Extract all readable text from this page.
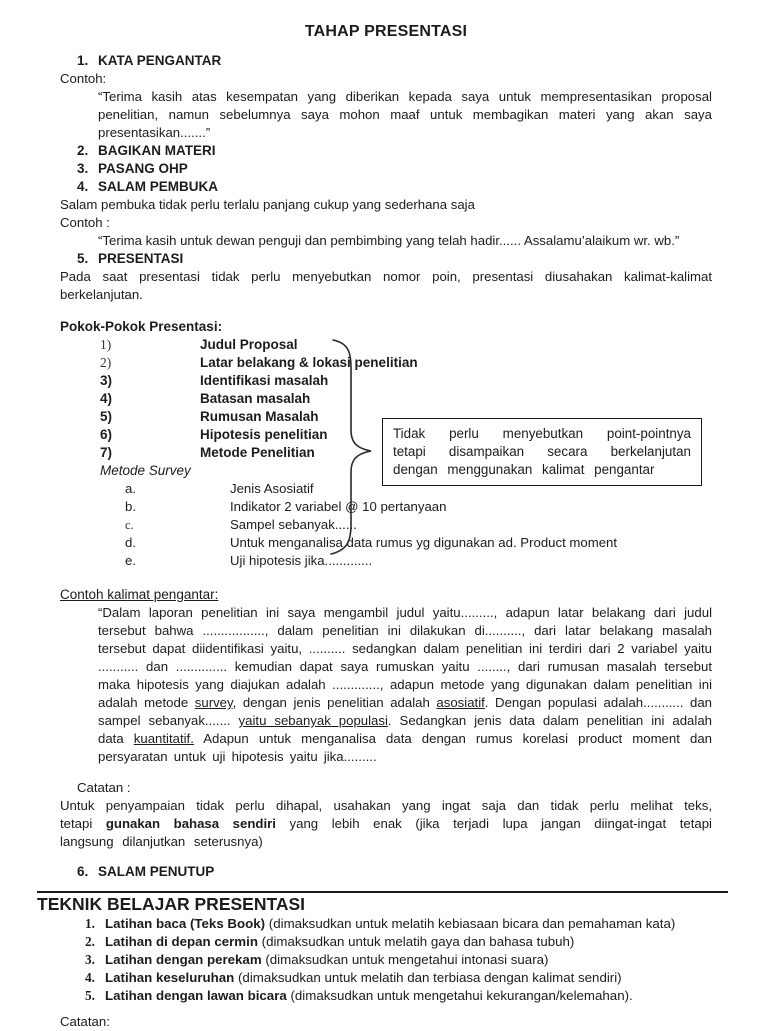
TAHAP PRESENTASI
1. KATA PENGANTAR
Contoh:
“Terima kasih atas kesempatan yang diberikan kepada saya untuk mempresentasikan proposal penelitian, namun sebelumnya saya mohon maaf untuk membagikan materi yang akan saya presentasikan.......”
2. BAGIKAN MATERI
3. PASANG OHP
4. SALAM PEMBUKA
Salam pembuka tidak perlu terlalu panjang cukup yang sederhana saja
Contoh :
“Terima kasih untuk dewan penguji dan pembimbing yang telah hadir...... Assalamu’alaikum wr. wb.”
5. PRESENTASI
Pada saat presentasi tidak perlu menyebutkan nomor poin, presentasi diusahakan kalimat-kalimat berkelanjutan.
Pokok-Pokok Presentasi:
1)	Judul Proposal
2)	Latar belakang & lokasi penelitian
3)	Identifikasi masalah
4)	Batasan masalah
5)	Rumusan Masalah
6)	Hipotesis penelitian
7)	Metode Penelitian
Metode Survey
a.	Jenis Asosiatif
b.	Indikator 2 variabel @ 10 pertanyaan
c.	Sampel sebanyak......
d.	Untuk menganalisa data rumus yg digunakan ad. Product moment
e.	Uji hipotesis jika.............
Tidak perlu menyebutkan point-pointnya tetapi disampaikan secara berkelanjutan dengan menggunakan kalimat pengantar
Contoh kalimat pengantar:
“Dalam laporan penelitian ini saya mengambil judul yaitu........., adapun latar belakang dari judul tersebut bahwa ................., dalam penelitian ini dilakukan di.........., dari latar belakang masalah tersebut dapat diidentifikasi yaitu, .......... sedangkan dalam penelitian ini terdiri dari 2 variabel yaitu ........... dan .............. kemudian dapat saya rumuskan yaitu ........, dari rumusan masalah tersebut maka hipotesis yang diajukan adalah ............., adapun metode yang digunakan dalam penelitian ini adalah metode survey, dengan jenis penelitian adalah asosiatif. Dengan populasi adalah........... dan sampel sebanyak....... yaitu sebanyak populasi. Sedangkan jenis data dalam penelitian ini adalah data kuantitatif. Adapun untuk menganalisa data dengan rumus korelasi product moment dan persyaratan untuk uji hipotesis yaitu jika.........
Catatan :
Untuk penyampaian tidak perlu dihapal, usahakan yang ingat saja dan tidak perlu melihat teks, tetapi gunakan bahasa sendiri yang lebih enak (jika terjadi lupa jangan diingat-ingat tetapi langsung dilanjutkan seterusnya)
6. SALAM PENUTUP
TEKNIK BELAJAR PRESENTASI
1. Latihan baca (Teks Book) (dimaksudkan untuk melatih kebiasaan bicara dan pemahaman kata)
2. Latihan di depan cermin (dimaksudkan untuk melatih gaya dan bahasa tubuh)
3. Latihan dengan perekam (dimaksudkan untuk mengetahui intonasi suara)
4. Latihan keseluruhan (dimaksudkan untuk melatih dan terbiasa dengan kalimat sendiri)
5. Latihan dengan lawan bicara (dimaksudkan untuk mengetahui kekurangan/kelemahan).
Catatan:
